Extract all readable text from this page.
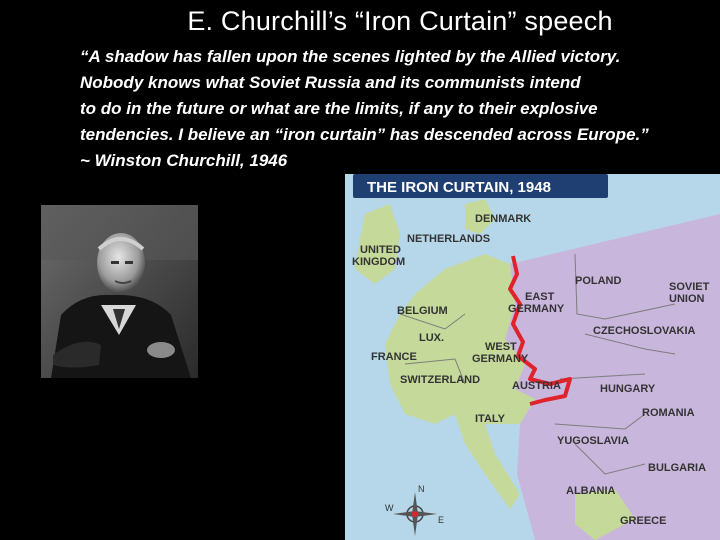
E. Churchill’s “Iron Curtain” speech
“A shadow has fallen upon the scenes lighted by the Allied victory.
Nobody knows what Soviet Russia and its communists intend
to do in the future or what are the limits, if any to their explosive
tendencies. I believe an “iron curtain” has descended across Europe.”
~ Winston Churchill, 1946
THE IRON CURTAIN, 1948
DENMARK
NETHERLANDS
UNITED
KINGDOM
POLAND	SOVIET
UNION
EAST
GERMANY
BELGIUM
CZECHOSLOVAKIA
LUX.
WEST
GERMANY
FRANCE
SWITZERLAND	AUSTRIA	HUNGARY
ROMANIA
ITALY
YUGOSLAVIA
BULGARIA
ALBANIA
GREECE
N
W
E
